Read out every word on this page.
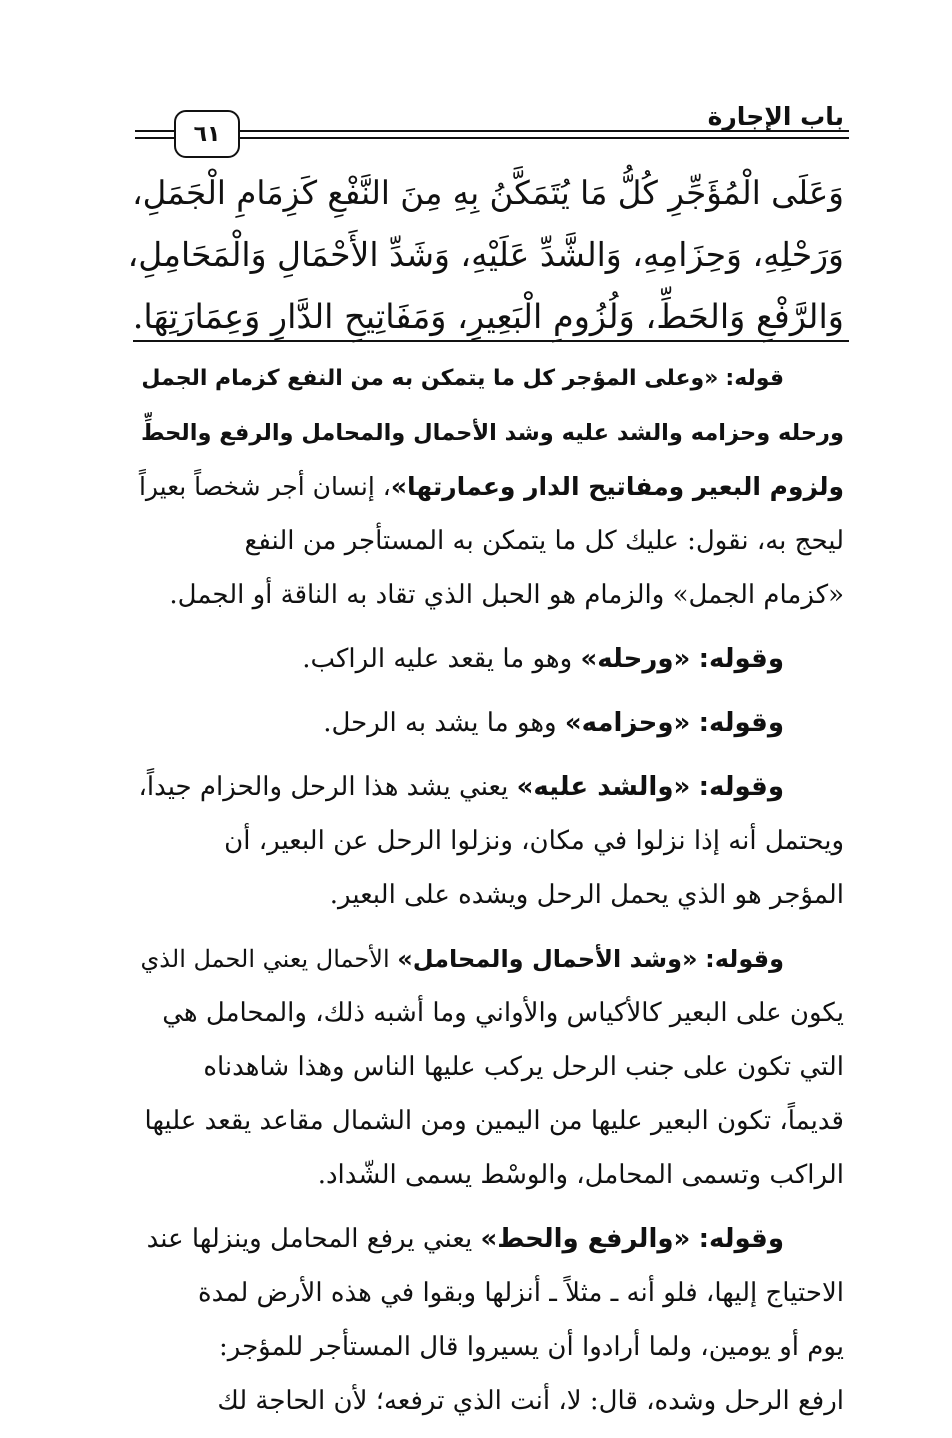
باب الإجارة
٦١
وَعَلَى الْمُؤَجِّرِ كُلُّ مَا يُتَمَكَّنُ بِهِ مِنَ النَّفْعِ كَزِمَامِ الْجَمَلِ،
وَرَحْلِهِ، وَحِزَامِهِ، وَالشَّدِّ عَلَيْهِ، وَشَدِّ الأَحْمَالِ وَالْمَحَامِلِ،
وَالرَّفْعِ وَالحَطِّ، وَلُزُومِ الْبَعِيرِ، وَمَفَاتِيحِ الدَّارِ وَعِمَارَتِهَا.
قوله: «وعلى المؤجر كل ما يتمكن به من النفع كزمام الجمل
ورحله وحزامه والشد عليه وشد الأحمال والمحامل والرفع والحطِّ
ولزوم البعير ومفاتيح الدار وعمارتها»، إنسان أجر شخصاً بعيراً
ليحج به، نقول: عليك كل ما يتمكن به المستأجر من النفع
«كزمام الجمل» والزمام هو الحبل الذي تقاد به الناقة أو الجمل.
وقوله: «ورحله» وهو ما يقعد عليه الراكب.
وقوله: «وحزامه» وهو ما يشد به الرحل.
وقوله: «والشد عليه» يعني يشد هذا الرحل والحزام جيداً،
ويحتمل أنه إذا نزلوا في مكان، ونزلوا الرحل عن البعير، أن
المؤجر هو الذي يحمل الرحل ويشده على البعير.
وقوله: «وشد الأحمال والمحامل» الأحمال يعني الحمل الذي
يكون على البعير كالأكياس والأواني وما أشبه ذلك، والمحامل هي
التي تكون على جنب الرحل يركب عليها الناس وهذا شاهدناه
قديماً، تكون البعير عليها من اليمين ومن الشمال مقاعد يقعد عليها
الراكب وتسمى المحامل، والوسْط يسمى الشّداد.
وقوله: «والرفع والحط» يعني يرفع المحامل وينزلها عند
الاحتياج إليها، فلو أنه ـ مثلاً ـ أنزلها وبقوا في هذه الأرض لمدة
يوم أو يومين، ولما أرادوا أن يسيروا قال المستأجر للمؤجر:
ارفع الرحل وشده، قال: لا، أنت الذي ترفعه؛ لأن الحاجة لك
